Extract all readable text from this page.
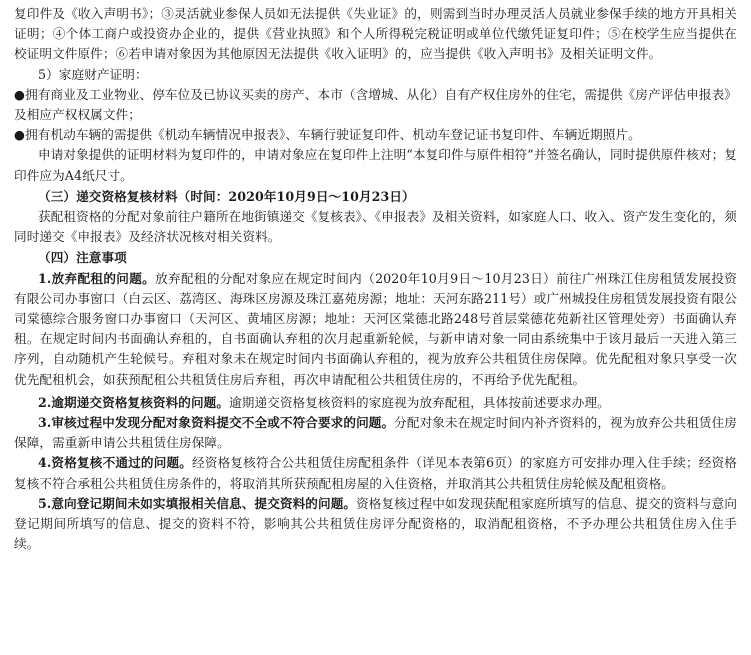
复印件及《收入声明书》；③灵活就业参保人员如无法提供《失业证》的，则需到当时办理灵活人员就业参保手续的地方开具相关证明；④个体工商户或投资办企业的，提供《营业执照》和个人所得税完税证明或单位代缴凭证复印件；⑤在校学生应当提供在校证明文件原件；⑥若申请对象因为其他原因无法提供《收入证明》的，应当提供《收入声明书》及相关证明文件。

5）家庭财产证明：

●拥有商业及工业物业、停车位及已协议买卖的房产、本市（含增城、从化）自有产权住房外的住宅，需提供《房产评估申报表》及相应产权权属文件；

●拥有机动车辆的需提供《机动车辆情况申报表》、车辆行驶证复印件、机动车登记证书复印件、车辆近期照片。

申请对象提供的证明材料为复印件的，申请对象应在复印件上注明“本复印件与原件相符”并签名确认，同时提供原件核对；复印件应为A4纸尺寸。

（三）递交资格复核材料（时间：2020年10月9日～10月23日）

获配租资格的分配对象前往户籍所在地街镇递交《复核表》、《申报表》及相关资料，如家庭人口、收入、资产发生变化的，须同时递交《申报表》及经济状况核对相关资料。

（四）注意事项

1.放弃配租的问题。放弃配租的分配对象应在规定时间内（2020年10月9日～10月23日）前往广州珠江住房租赁发展投资有限公司办事窗口（白云区、荔湾区、海珠区房源及珠江嘉苑房源；地址：天河东路211号）或广州城投住房租赁发展投资有限公司棠德综合服务窗口办事窗口（天河区、黄埔区房源；地址：天河区棠德北路248号首层棠德花苑新社区管理处旁）书面确认弃租。在规定时间内书面确认弃租的，自书面确认弃租的次月起重新轮候，与新申请对象一同由系统集中于该月最后一天进入第三序列，自动随机产生轮候号。弃租对象未在规定时间内书面确认弃租的，视为放弃公共租赁住房保障。优先配租对象只享受一次优先配租机会，如获预配租公共租赁住房后弃租，再次申请配租公共租赁住房的，不再给予优先配租。

2.逾期递交资格复核资料的问题。逾期递交资格复核资料的家庭视为放弃配租，具体按前述要求办理。

3.审核过程中发现分配对象资料提交不全或不符合要求的问题。分配对象未在规定时间内补齐资料的，视为放弃公共租赁住房保障，需重新申请公共租赁住房保障。

4.资格复核不通过的问题。经资格复核符合公共租赁住房配租条件（详见本表第6页）的家庭方可安排办理入住手续；经资格复核不符合承租公共租赁住房条件的，将取消其所获预配租房屋的入住资格，并取消其公共租赁住房轮候及配租资格。

5.意向登记期间未如实填报相关信息、提交资料的问题。资格复核过程中如发现获配租家庭所填写的信息、提交的资料与意向登记期间所填写的信息、提交的资料不符，影响其公共租赁住房评分配资格的，取消配租资格，不予办理公共租赁住房入住手续。
